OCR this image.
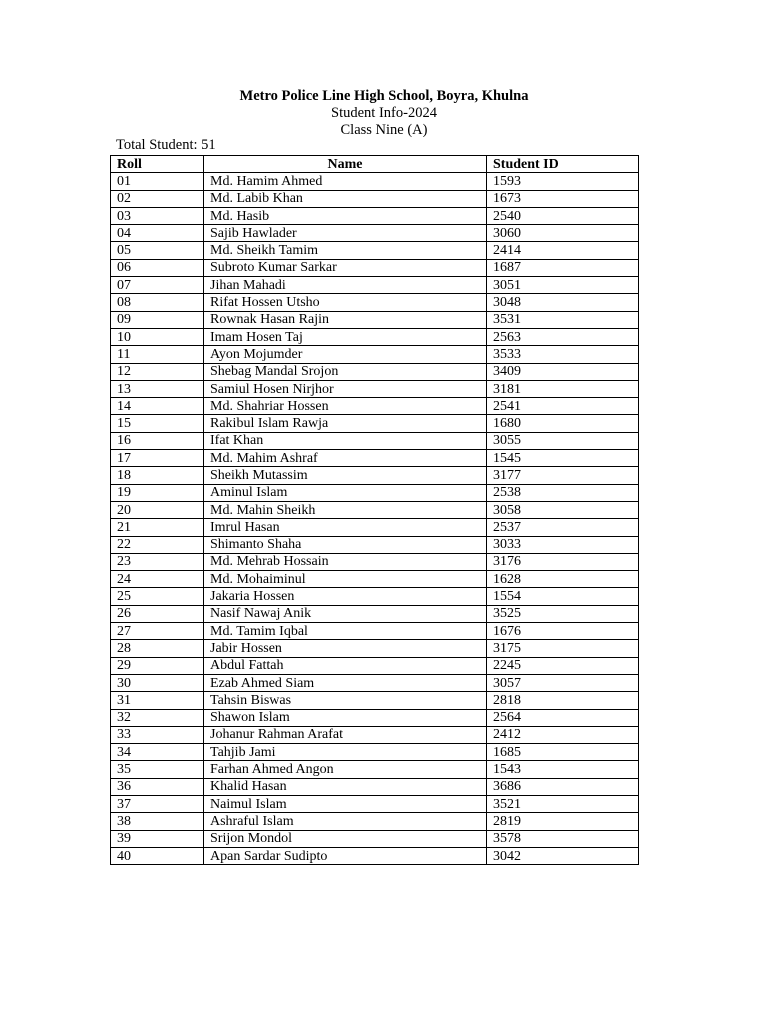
Metro Police Line High School, Boyra, Khulna
Student Info-2024
Class Nine (A)
Total Student: 51
Roll	Name	Student ID
01	Md. Hamim Ahmed	1593
02	Md. Labib Khan	1673
03	Md. Hasib	2540
04	Sajib Hawlader	3060
05	Md. Sheikh Tamim	2414
06	Subroto Kumar Sarkar	1687
07	Jihan Mahadi	3051
08	Rifat Hossen Utsho	3048
09	Rownak Hasan Rajin	3531
10	Imam Hosen Taj	2563
11	Ayon Mojumder	3533
12	Shebag Mandal Srojon	3409
13	Samiul Hosen Nirjhor	3181
14	Md. Shahriar Hossen	2541
15	Rakibul Islam Rawja	1680
16	Ifat Khan	3055
17	Md. Mahim Ashraf	1545
18	Sheikh Mutassim	3177
19	Aminul Islam	2538
20	Md. Mahin Sheikh	3058
21	Imrul Hasan	2537
22	Shimanto Shaha	3033
23	Md. Mehrab Hossain	3176
24	Md. Mohaiminul	1628
25	Jakaria Hossen	1554
26	Nasif Nawaj Anik	3525
27	Md. Tamim Iqbal	1676
28	Jabir Hossen	3175
29	Abdul Fattah	2245
30	Ezab Ahmed Siam	3057
31	Tahsin Biswas	2818
32	Shawon Islam	2564
33	Johanur Rahman Arafat	2412
34	Tahjib Jami	1685
35	Farhan Ahmed Angon	1543
36	Khalid Hasan	3686
37	Naimul Islam	3521
38	Ashraful Islam	2819
39	Srijon Mondol	3578
40	Apan Sardar Sudipto	3042
